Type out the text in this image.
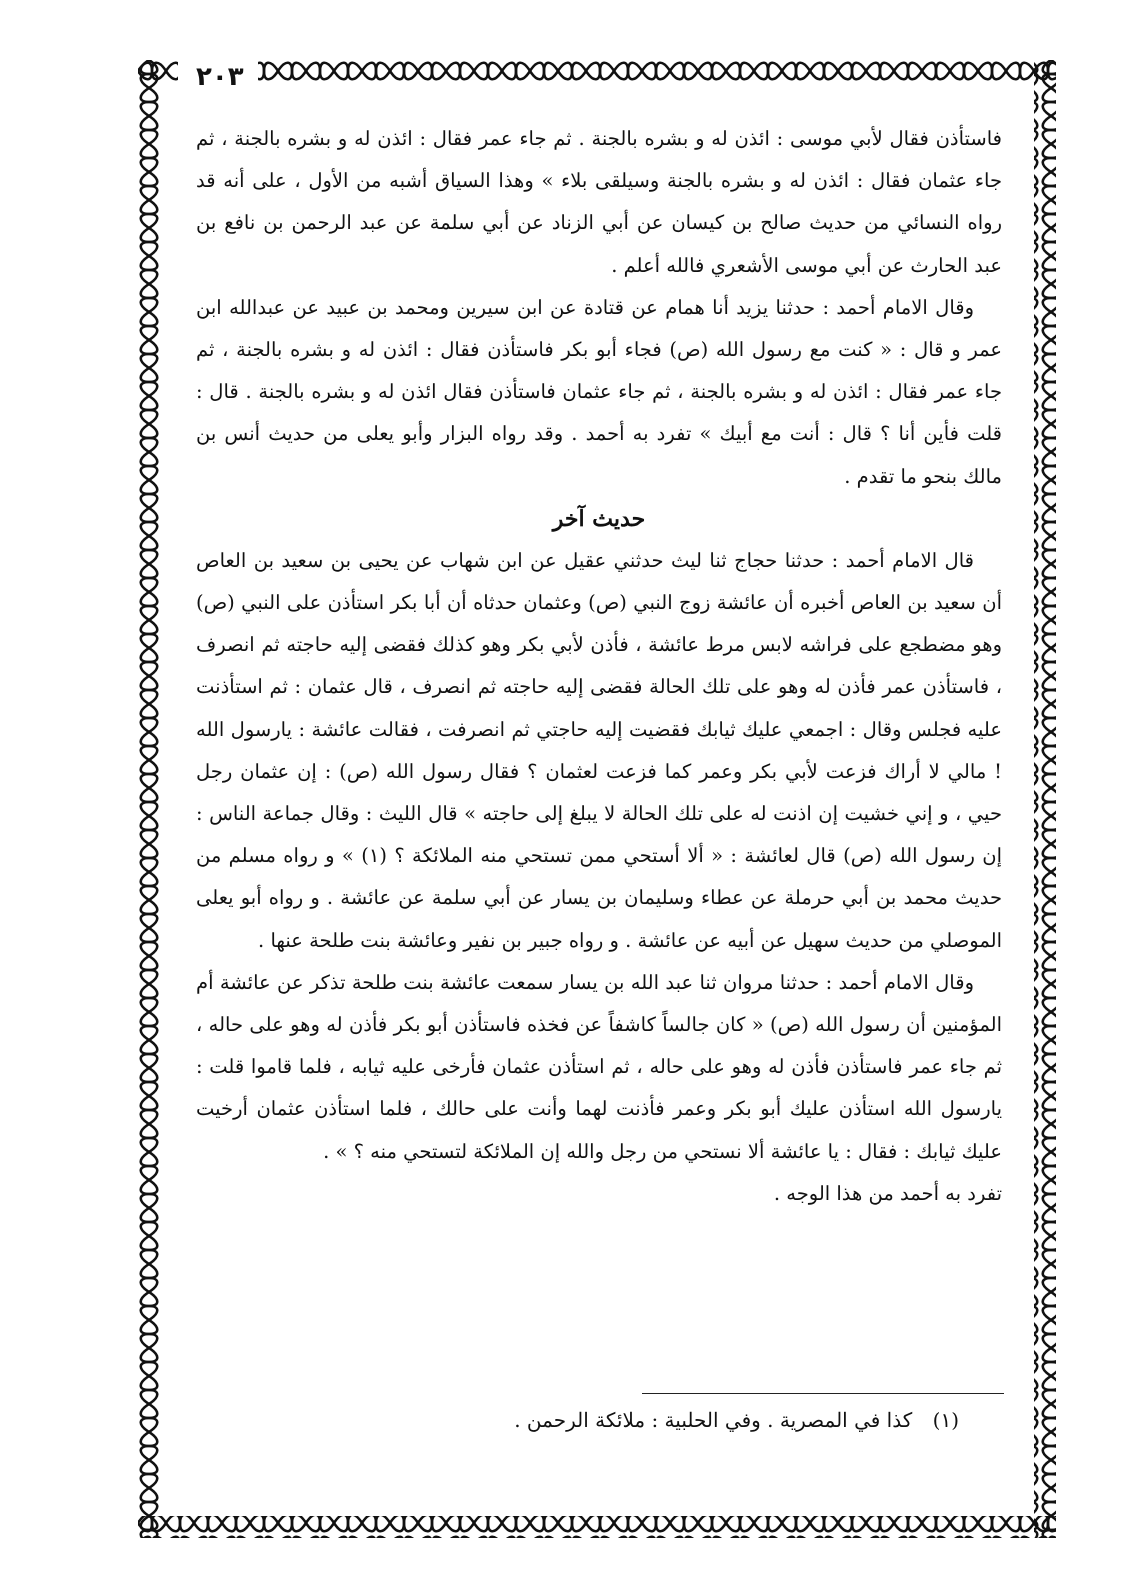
٢٠٣

فاستأذن فقال لأبي موسى : ائذن له و بشره بالجنة . ثم جاء عمر فقال : ائذن له و بشره بالجنة ، ثم جاء عثمان فقال : ائذن له و بشره بالجنة وسيلقى بلاء » وهذا السياق أشبه من الأول ، على أنه قد رواه النسائي من حديث صالح بن كيسان عن أبي الزناد عن أبي سلمة عن عبد الرحمن بن نافع بن عبد الحارث عن أبي موسى الأشعري فالله أعلم .

وقال الامام أحمد : حدثنا يزيد أنا همام عن قتادة عن ابن سيرين ومحمد بن عبيد عن عبدالله ابن عمر و قال : « كنت مع رسول الله (ص) فجاء أبو بكر فاستأذن فقال : ائذن له و بشره بالجنة ، ثم جاء عمر فقال : ائذن له و بشره بالجنة ، ثم جاء عثمان فاستأذن فقال ائذن له و بشره بالجنة . قال : قلت فأين أنا ؟ قال : أنت مع أبيك » تفرد به أحمد . وقد رواه البزار وأبو يعلى من حديث أنس بن مالك بنحو ما تقدم .

حديث آخر

قال الامام أحمد : حدثنا حجاج ثنا ليث حدثني عقيل عن ابن شهاب عن يحيى بن سعيد بن العاص أن سعيد بن العاص أخبره أن عائشة زوج النبي (ص) وعثمان حدثاه أن أبا بكر استأذن على النبي (ص) وهو مضطجع على فراشه لابس مرط عائشة ، فأذن لأبي بكر وهو كذلك فقضى إليه حاجته ثم انصرف ، فاستأذن عمر فأذن له وهو على تلك الحالة فقضى إليه حاجته ثم انصرف ، قال عثمان : ثم استأذنت عليه فجلس وقال : اجمعي عليك ثيابك فقضيت إليه حاجتي ثم انصرفت ، فقالت عائشة : يارسول الله ! مالي لا أراك فزعت لأبي بكر وعمر كما فزعت لعثمان ؟ فقال رسول الله (ص) : إن عثمان رجل حيي ، و إني خشيت إن اذنت له على تلك الحالة لا يبلغ إلى حاجته » قال الليث : وقال جماعة الناس : إن رسول الله (ص) قال لعائشة : « ألا أستحي ممن تستحي منه الملائكة ؟ (١) » و رواه مسلم من حديث محمد بن أبي حرملة عن عطاء وسليمان بن يسار عن أبي سلمة عن عائشة . و رواه أبو يعلى الموصلي من حديث سهيل عن أبيه عن عائشة . و رواه جبير بن نفير وعائشة بنت طلحة عنها .

وقال الامام أحمد : حدثنا مروان ثنا عبد الله بن يسار سمعت عائشة بنت طلحة تذكر عن عائشة أم المؤمنين أن رسول الله (ص) « كان جالساً كاشفاً عن فخذه فاستأذن أبو بكر فأذن له وهو على حاله ، ثم جاء عمر فاستأذن فأذن له وهو على حاله ، ثم استأذن عثمان فأرخى عليه ثيابه ، فلما قاموا قلت : يارسول الله استأذن عليك أبو بكر وعمر فأذنت لهما وأنت على حالك ، فلما استأذن عثمان أرخيت عليك ثيابك : فقال : يا عائشة ألا نستحي من رجل والله إن الملائكة لتستحي منه ؟ » .

تفرد به أحمد من هذا الوجه .

(١) كذا في المصرية . وفي الحلبية : ملائكة الرحمن .
